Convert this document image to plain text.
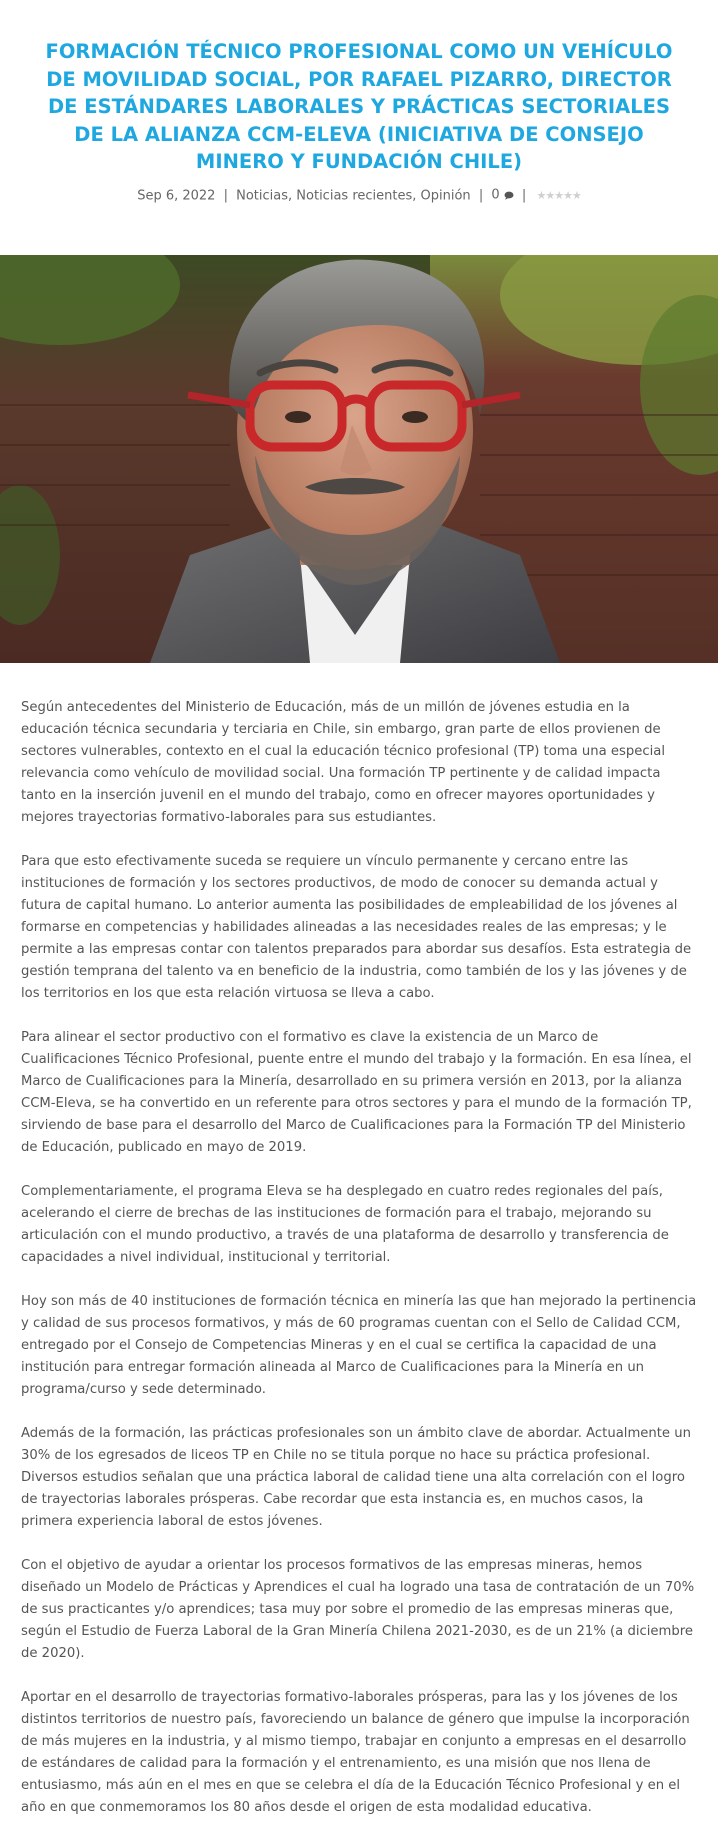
FORMACIÓN TÉCNICO PROFESIONAL COMO UN VEHÍCULO DE MOVILIDAD SOCIAL, POR RAFAEL PIZARRO, DIRECTOR DE ESTÁNDARES LABORALES Y PRÁCTICAS SECTORIALES DE LA ALIANZA CCM-ELEVA (INICIATIVA DE CONSEJO MINERO Y FUNDACIÓN CHILE)
Sep 6, 2022 | Noticias, Noticias recientes, Opinión | 0 | ★★★★★

Según antecedentes del Ministerio de Educación, más de un millón de jóvenes estudia en la educación técnica secundaria y terciaria en Chile, sin embargo, gran parte de ellos provienen de sectores vulnerables, contexto en el cual la educación técnico profesional (TP) toma una especial relevancia como vehículo de movilidad social. Una formación TP pertinente y de calidad impacta tanto en la inserción juvenil en el mundo del trabajo, como en ofrecer mayores oportunidades y mejores trayectorias formativo-laborales para sus estudiantes.

Para que esto efectivamente suceda se requiere un vínculo permanente y cercano entre las instituciones de formación y los sectores productivos, de modo de conocer su demanda actual y futura de capital humano. Lo anterior aumenta las posibilidades de empleabilidad de los jóvenes al formarse en competencias y habilidades alineadas a las necesidades reales de las empresas; y le permite a las empresas contar con talentos preparados para abordar sus desafíos. Esta estrategia de gestión temprana del talento va en beneficio de la industria, como también de los y las jóvenes y de los territorios en los que esta relación virtuosa se lleva a cabo.

Para alinear el sector productivo con el formativo es clave la existencia de un Marco de Cualificaciones Técnico Profesional, puente entre el mundo del trabajo y la formación. En esa línea, el Marco de Cualificaciones para la Minería, desarrollado en su primera versión en 2013, por la alianza CCM-Eleva, se ha convertido en un referente para otros sectores y para el mundo de la formación TP, sirviendo de base para el desarrollo del Marco de Cualificaciones para la Formación TP del Ministerio de Educación, publicado en mayo de 2019.

Complementariamente, el programa Eleva se ha desplegado en cuatro redes regionales del país, acelerando el cierre de brechas de las instituciones de formación para el trabajo, mejorando su articulación con el mundo productivo, a través de una plataforma de desarrollo y transferencia de capacidades a nivel individual, institucional y territorial.

Hoy son más de 40 instituciones de formación técnica en minería las que han mejorado la pertinencia y calidad de sus procesos formativos, y más de 60 programas cuentan con el Sello de Calidad CCM, entregado por el Consejo de Competencias Mineras y en el cual se certifica la capacidad de una institución para entregar formación alineada al Marco de Cualificaciones para la Minería en un programa/curso y sede determinado.

Además de la formación, las prácticas profesionales son un ámbito clave de abordar. Actualmente un 30% de los egresados de liceos TP en Chile no se titula porque no hace su práctica profesional. Diversos estudios señalan que una práctica laboral de calidad tiene una alta correlación con el logro de trayectorias laborales prósperas. Cabe recordar que esta instancia es, en muchos casos, la primera experiencia laboral de estos jóvenes.

Con el objetivo de ayudar a orientar los procesos formativos de las empresas mineras, hemos diseñado un Modelo de Prácticas y Aprendices el cual ha logrado una tasa de contratación de un 70% de sus practicantes y/o aprendices; tasa muy por sobre el promedio de las empresas mineras que, según el Estudio de Fuerza Laboral de la Gran Minería Chilena 2021-2030, es de un 21% (a diciembre de 2020).

Aportar en el desarrollo de trayectorias formativo-laborales prósperas, para las y los jóvenes de los distintos territorios de nuestro país, favoreciendo un balance de género que impulse la incorporación de más mujeres en la industria, y al mismo tiempo, trabajar en conjunto a empresas en el desarrollo de estándares de calidad para la formación y el entrenamiento, es una misión que nos llena de entusiasmo, más aún en el mes en que se celebra el día de la Educación Técnico Profesional y en el año en que conmemoramos los 80 años desde el origen de esta modalidad educativa.
